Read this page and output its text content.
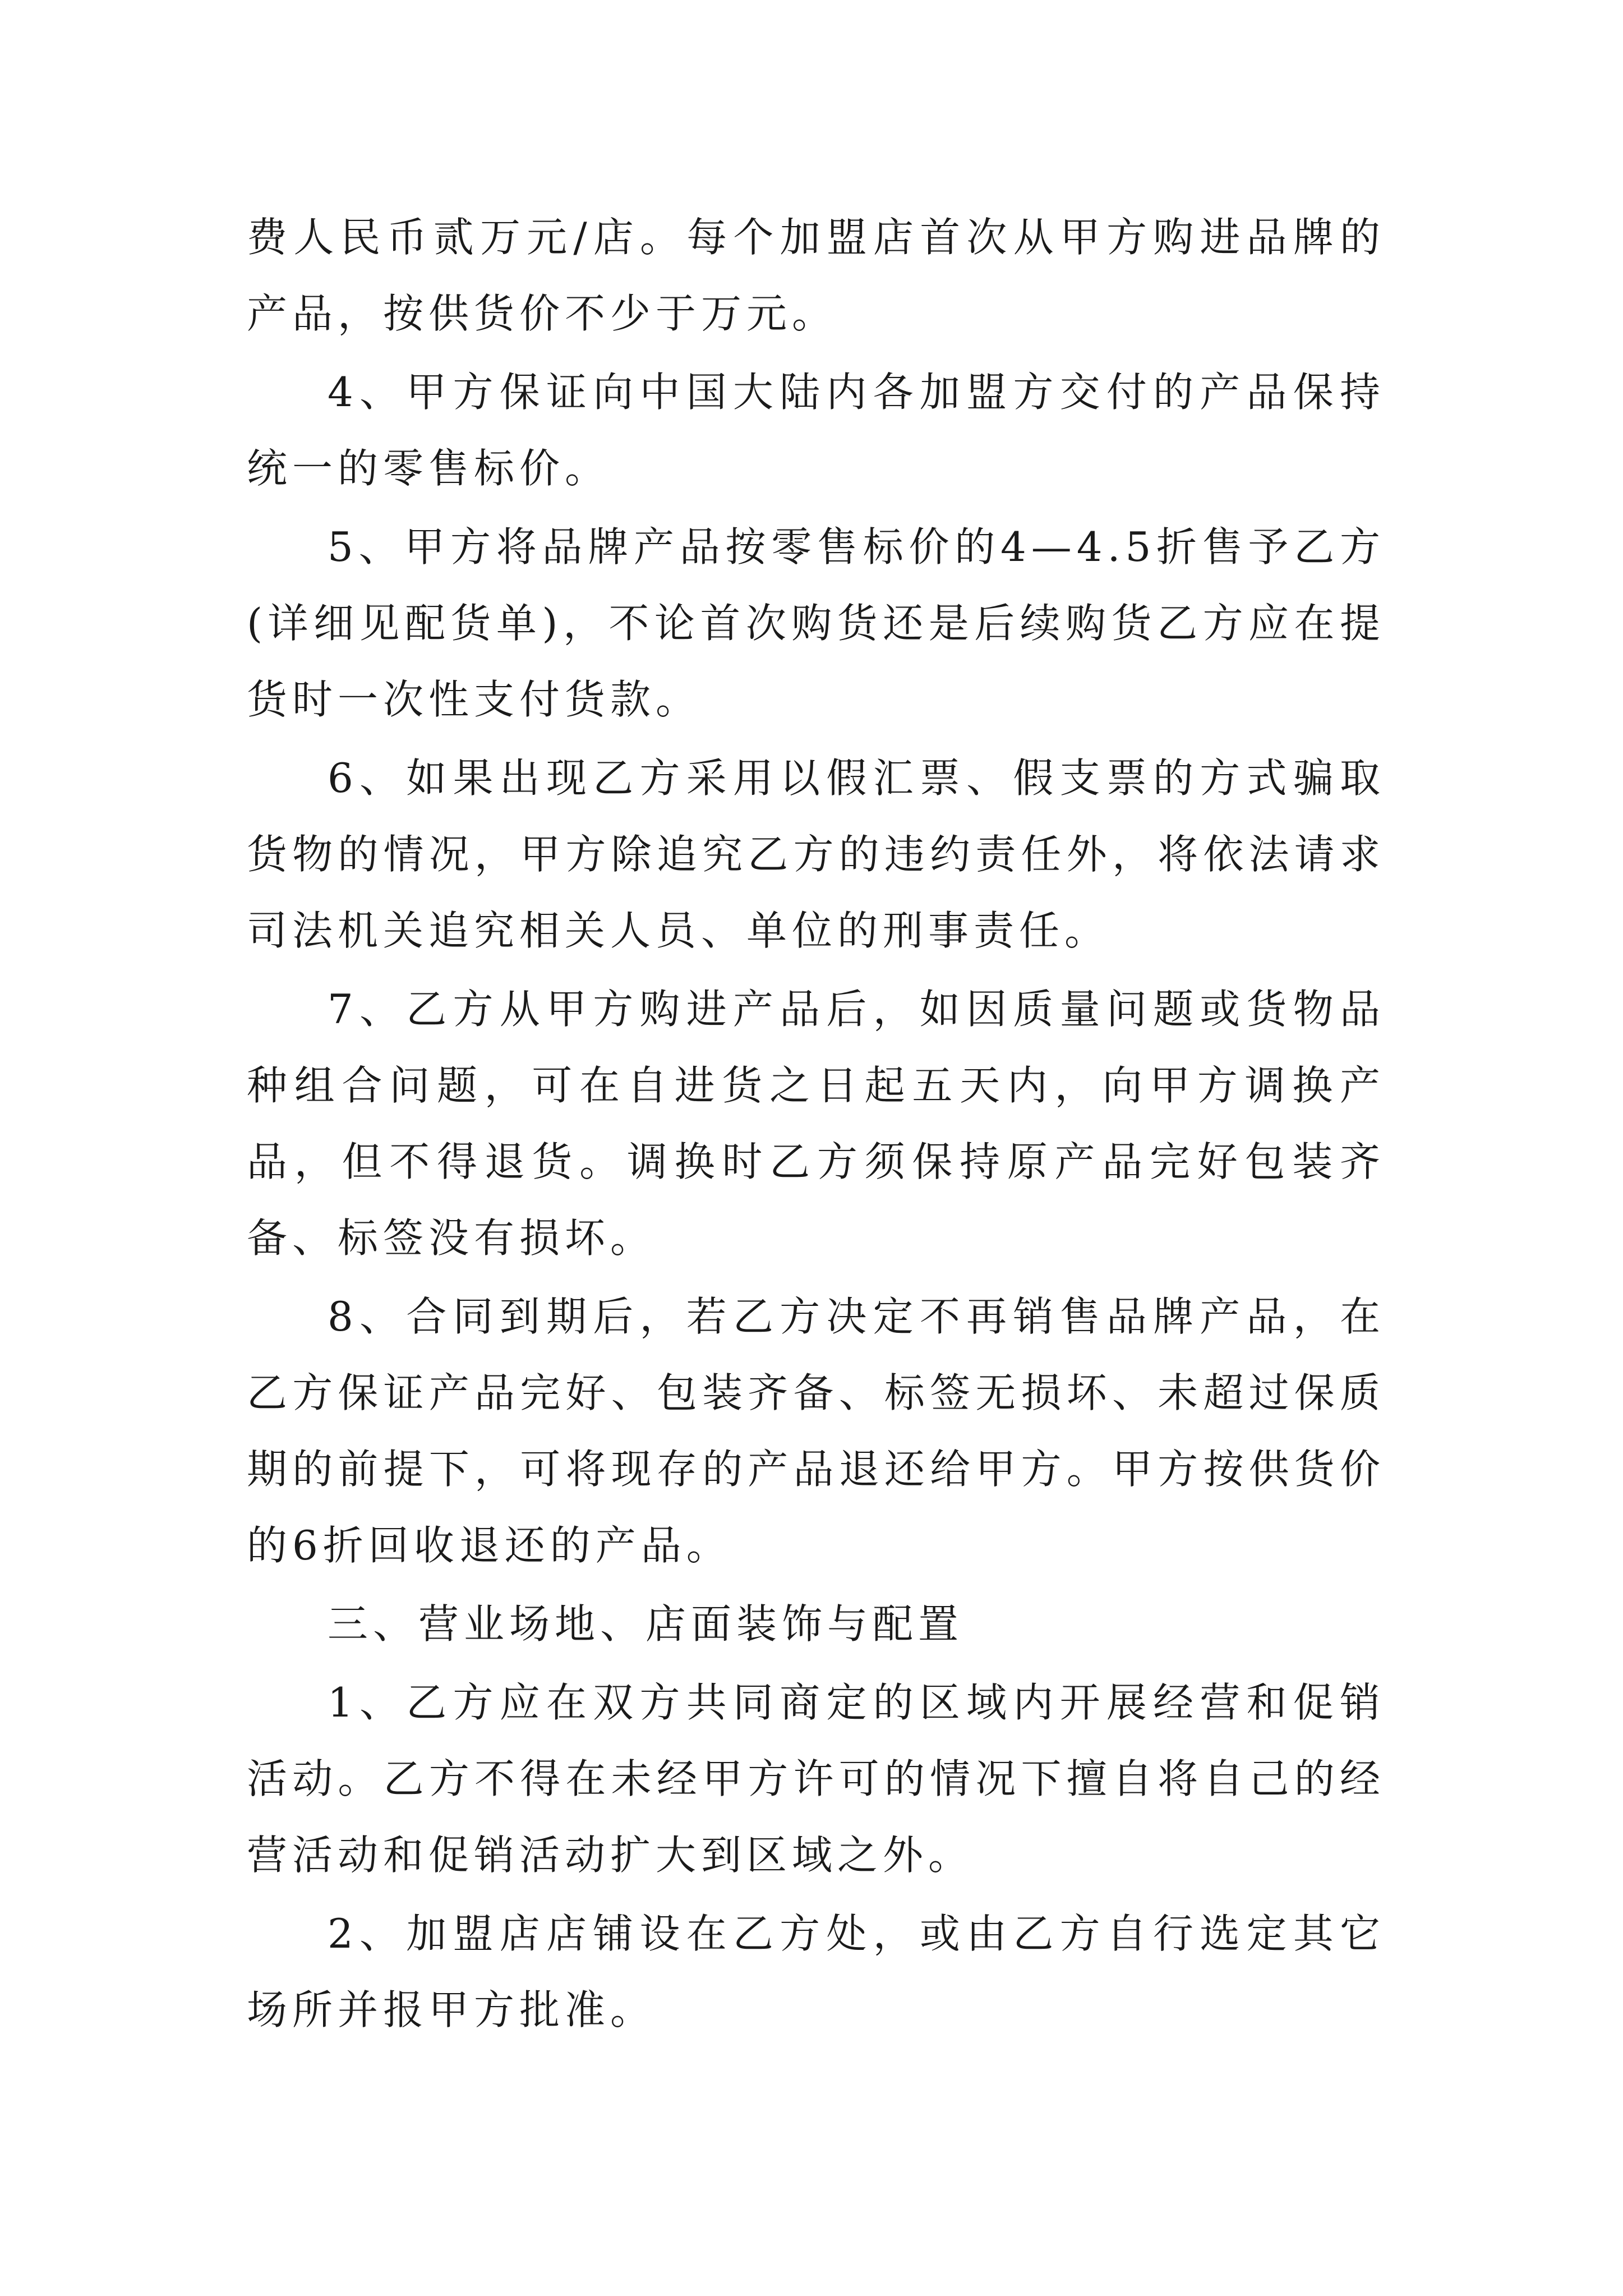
费人民币贰万元/店。每个加盟店首次从甲方购进品牌的产品，按供货价不少于万元。

4、甲方保证向中国大陆内各加盟方交付的产品保持统一的零售标价。

5、甲方将品牌产品按零售标价的4—4.5折售予乙方(详细见配货单)，不论首次购货还是后续购货乙方应在提货时一次性支付货款。

6、如果出现乙方采用以假汇票、假支票的方式骗取货物的情况，甲方除追究乙方的违约责任外，将依法请求司法机关追究相关人员、单位的刑事责任。

7、乙方从甲方购进产品后，如因质量问题或货物品种组合问题，可在自进货之日起五天内，向甲方调换产品，但不得退货。调换时乙方须保持原产品完好包装齐备、标签没有损坏。

8、合同到期后，若乙方决定不再销售品牌产品，在乙方保证产品完好、包装齐备、标签无损坏、未超过保质期的前提下，可将现存的产品退还给甲方。甲方按供货价的6折回收退还的产品。

三、营业场地、店面装饰与配置

1、乙方应在双方共同商定的区域内开展经营和促销活动。乙方不得在未经甲方许可的情况下擅自将自己的经营活动和促销活动扩大到区域之外。

2、加盟店店铺设在乙方处，或由乙方自行选定其它场所并报甲方批准。
